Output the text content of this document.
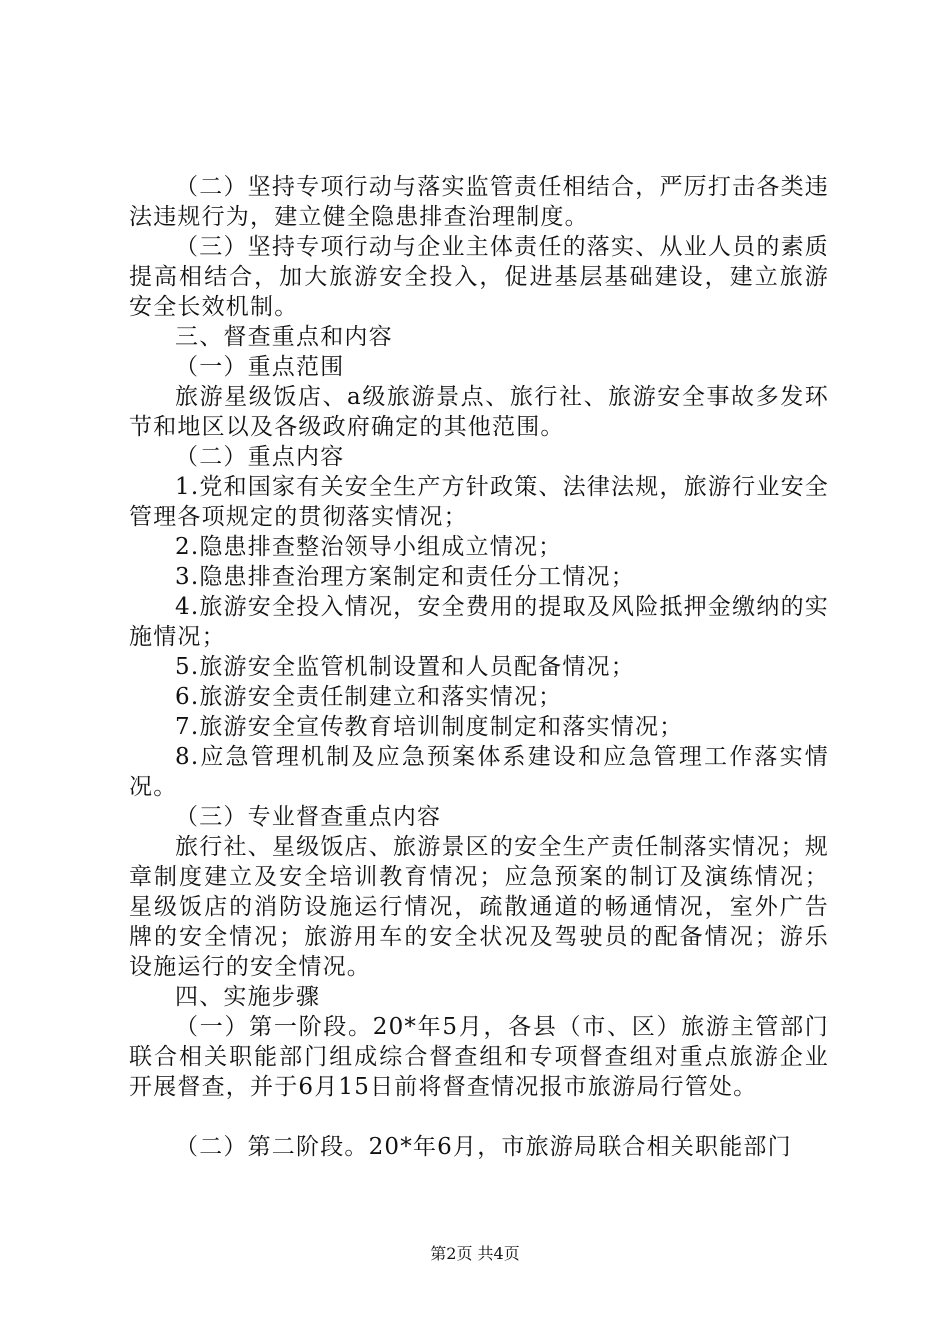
（二）坚持专项行动与落实监管责任相结合，严厉打击各类违法违规行为，建立健全隐患排查治理制度。

（三）坚持专项行动与企业主体责任的落实、从业人员的素质提高相结合，加大旅游安全投入，促进基层基础建设，建立旅游安全长效机制。

三、督查重点和内容

（一）重点范围

旅游星级饭店、a级旅游景点、旅行社、旅游安全事故多发环节和地区以及各级政府确定的其他范围。

（二）重点内容

1.党和国家有关安全生产方针政策、法律法规，旅游行业安全管理各项规定的贯彻落实情况；

2.隐患排查整治领导小组成立情况；

3.隐患排查治理方案制定和责任分工情况；

4.旅游安全投入情况，安全费用的提取及风险抵押金缴纳的实施情况；

5.旅游安全监管机制设置和人员配备情况；

6.旅游安全责任制建立和落实情况；

7.旅游安全宣传教育培训制度制定和落实情况；

8.应急管理机制及应急预案体系建设和应急管理工作落实情况。

（三）专业督查重点内容

旅行社、星级饭店、旅游景区的安全生产责任制落实情况；规章制度建立及安全培训教育情况；应急预案的制订及演练情况；星级饭店的消防设施运行情况，疏散通道的畅通情况，室外广告牌的安全情况；旅游用车的安全状况及驾驶员的配备情况；游乐设施运行的安全情况。

四、实施步骤

（一）第一阶段。20*年5月，各县（市、区）旅游主管部门联合相关职能部门组成综合督查组和专项督查组对重点旅游企业开展督查，并于6月15日前将督查情况报市旅游局行管处。

（二）第二阶段。20*年6月，市旅游局联合相关职能部门

第2页 共4页
